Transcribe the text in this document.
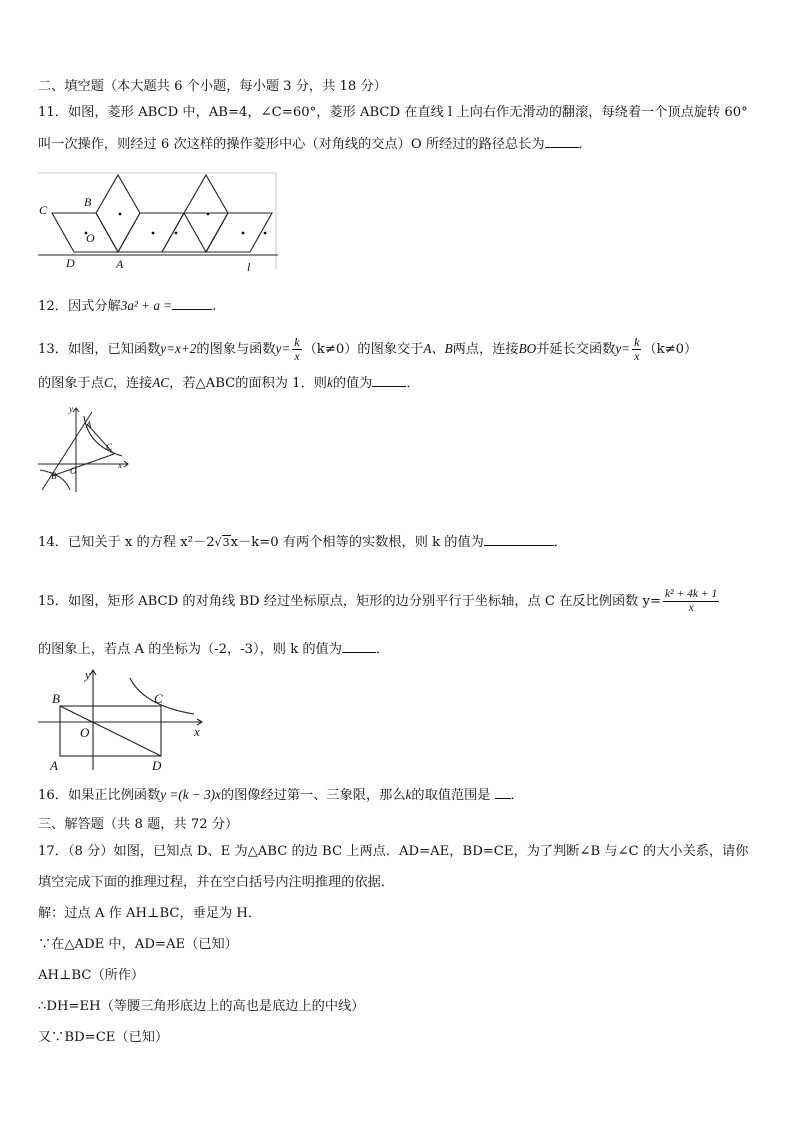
二、填空题（本大题共 6 个小题，每小题 3 分，共 18 分）
11．如图，菱形 ABCD 中，AB=4，∠C=60°，菱形 ABCD 在直线 l 上向右作无滑动的翻滚，每绕着一个顶点旋转 60°
叫一次操作，则经过 6 次这样的操作菱形中心（对角线的交点）O 所经过的路径总长为	．
C
B
O
D	A	l
12．因式分解3a² + a =	.
13．如图，已知函数y=x+2的图象与函数$y= \frac{k}{x} (k\ne 0)$的图象交于A、B两点，连接BO并延长交函数$y= \frac{k}{x} (k\ne 0)$
的图象于点C，连接AC，若△ABC的面积为 1．则k的值为	．
y
A
C
O
x
B
14．已知关于 x 的方程 x²－2√3x－k=0 有两个相等的实数根，则 k 的值为	．
15．如图，矩形 ABCD 的对角线 BD 经过坐标原点，矩形的边分别平行于坐标轴，点 C 在反比例函数 $y= \frac{\text{k² + 4k + 1}}{x}$
的图象上，若点 A 的坐标为（-2，-3），则 k 的值为	．
y
B	C
O	x
A	D
16．如果正比例函数y =(k − 3)x的图像经过第一、三象限，那么k的取值范围是 ．
三、解答题（共 8 题，共 72 分）
17．（8 分）如图，已知点 D、E 为△ABC 的边 BC 上两点．AD=AE，BD=CE，为了判断∠B 与∠C 的大小关系，请你
填空完成下面的推理过程，并在空白括号内注明推理的依据．
解：过点 A 作 AH⊥BC，垂足为 H．
∵在△ADE 中，AD=AE（已知）
AH⊥BC（所作）
∴DH=EH（等腰三角形底边上的高也是底边上的中线）
又∵BD=CE（已知）
